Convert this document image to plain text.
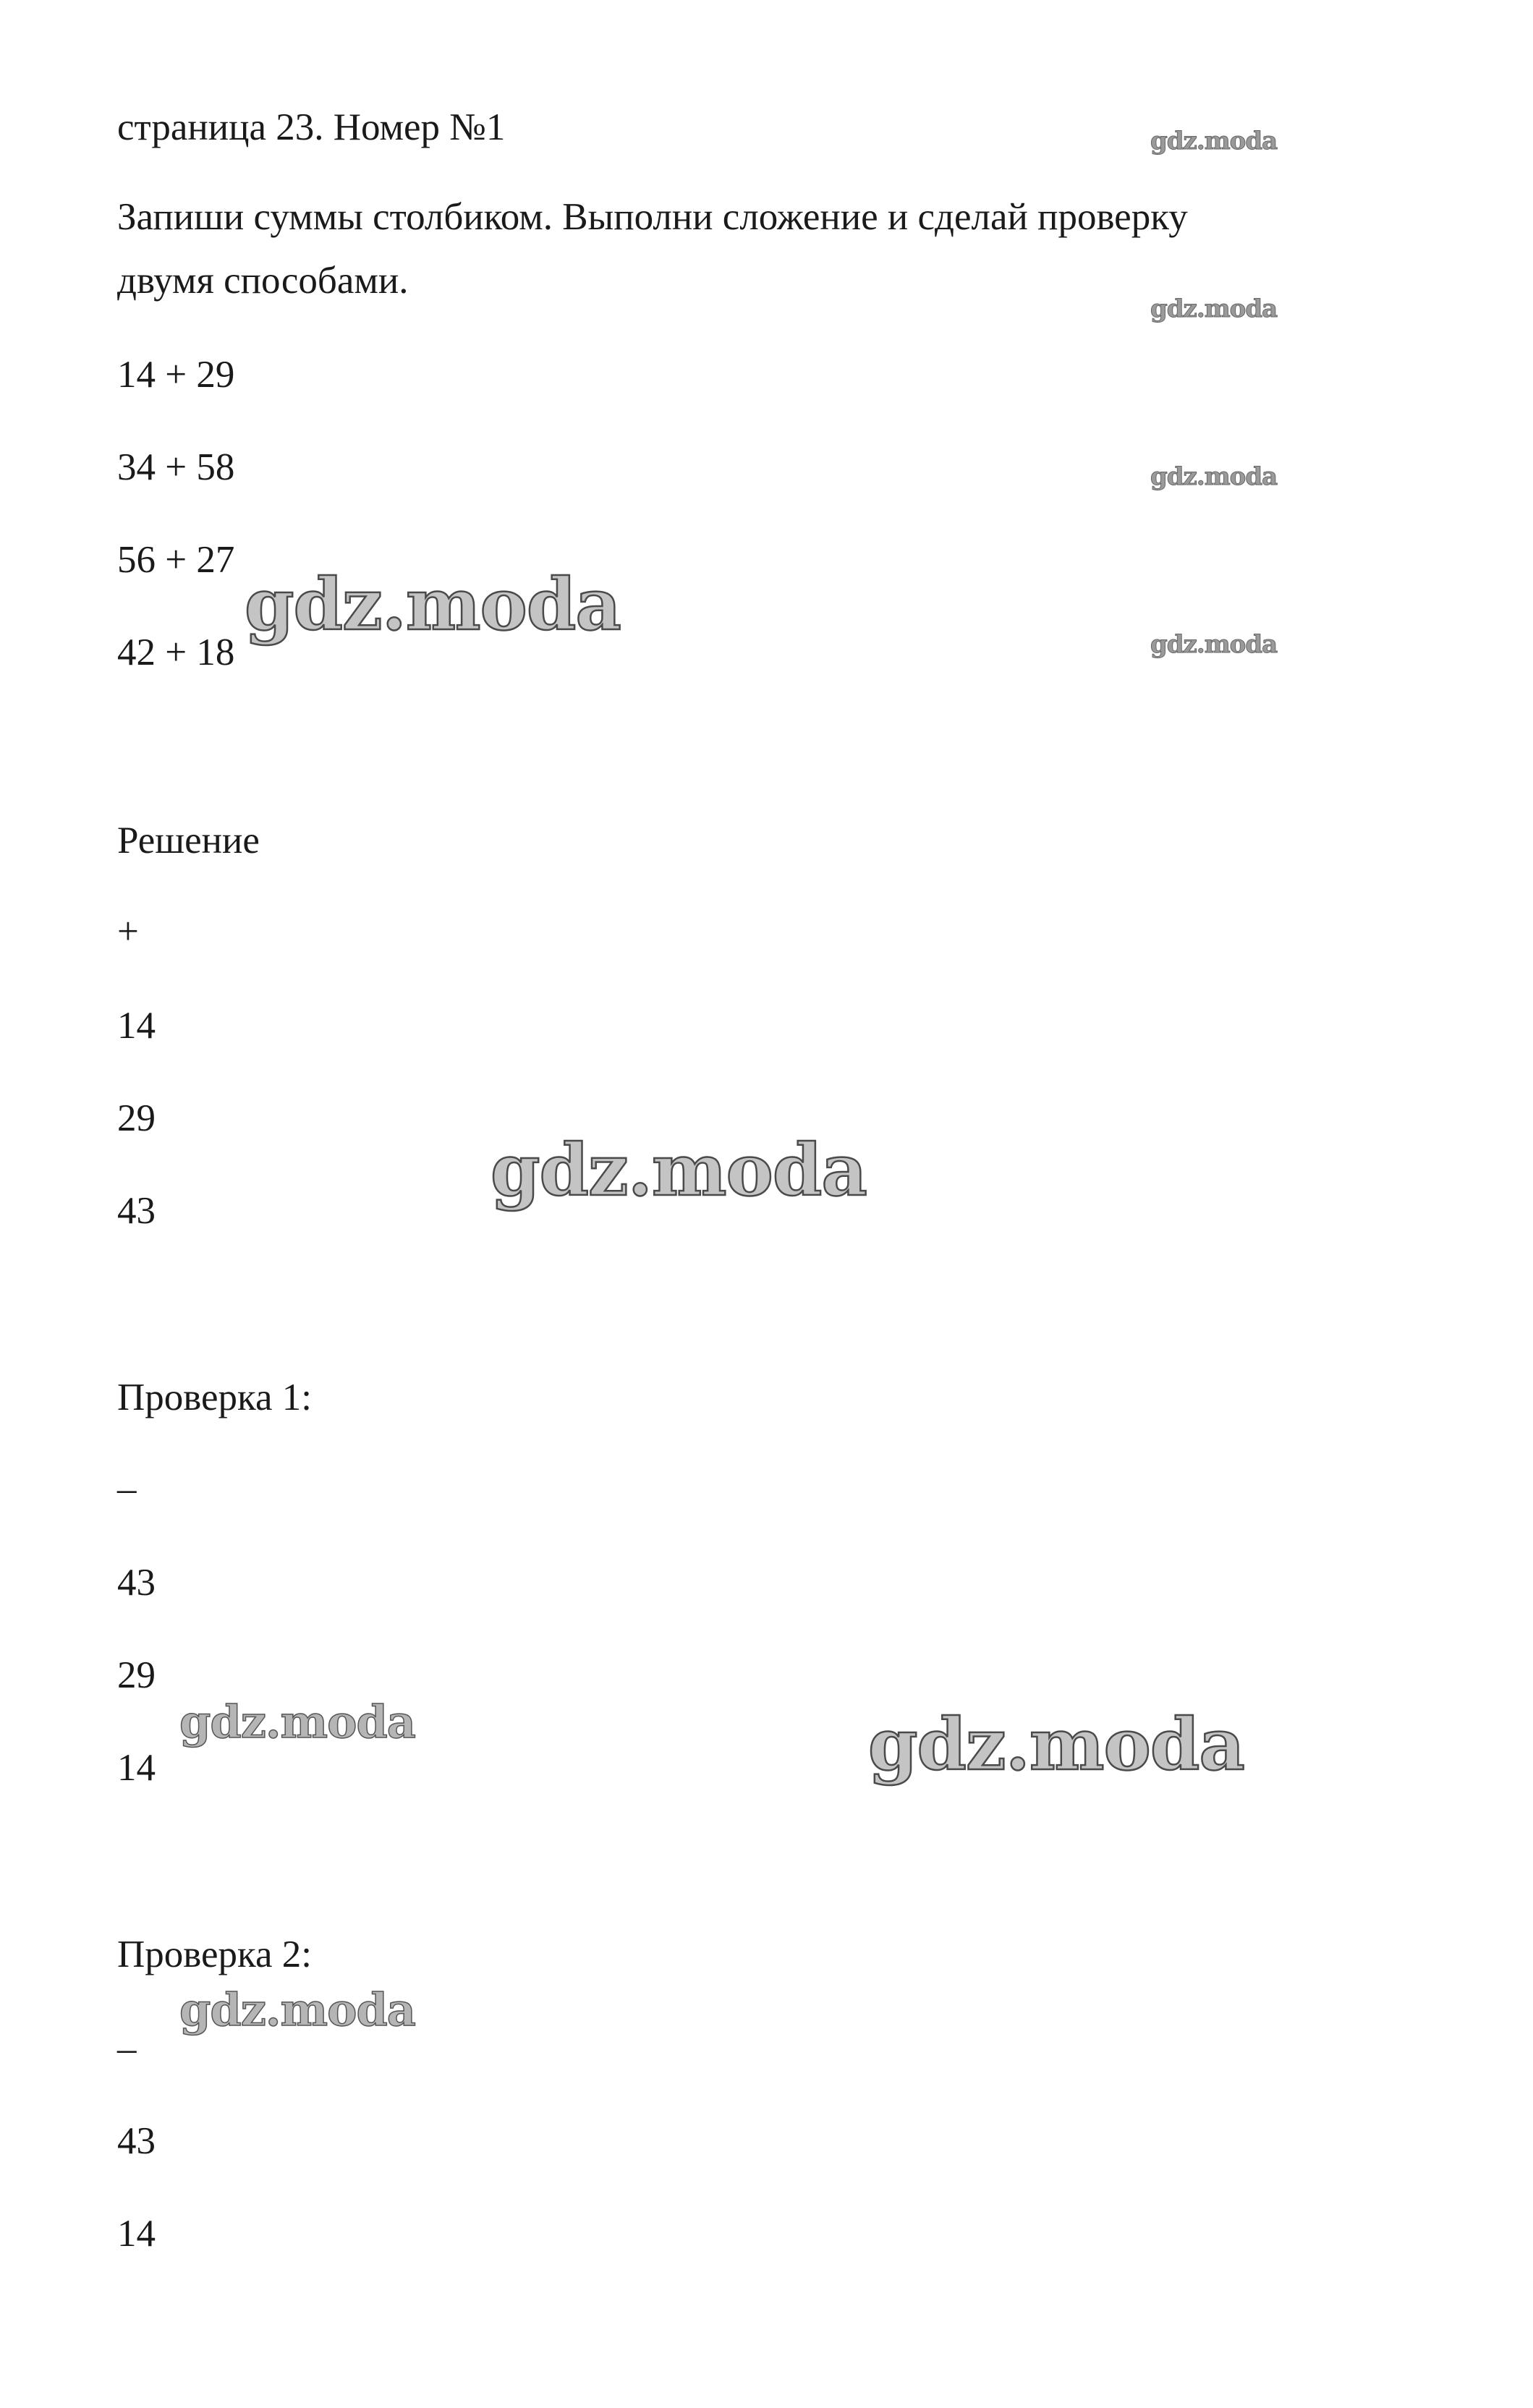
страница 23. Номер №1
Запиши суммы столбиком. Выполни сложение и сделай проверку
двумя способами.
14 + 29
34 + 58
56 + 27
42 + 18
Решение
+
14
29
43
Проверка 1:
–
43
29
14
Проверка 2:
–
43
14
gdz.moda
gdz.moda
gdz.moda
gdz.moda
gdz.moda
gdz.moda
gdz.moda
gdz.moda
gdz.moda
